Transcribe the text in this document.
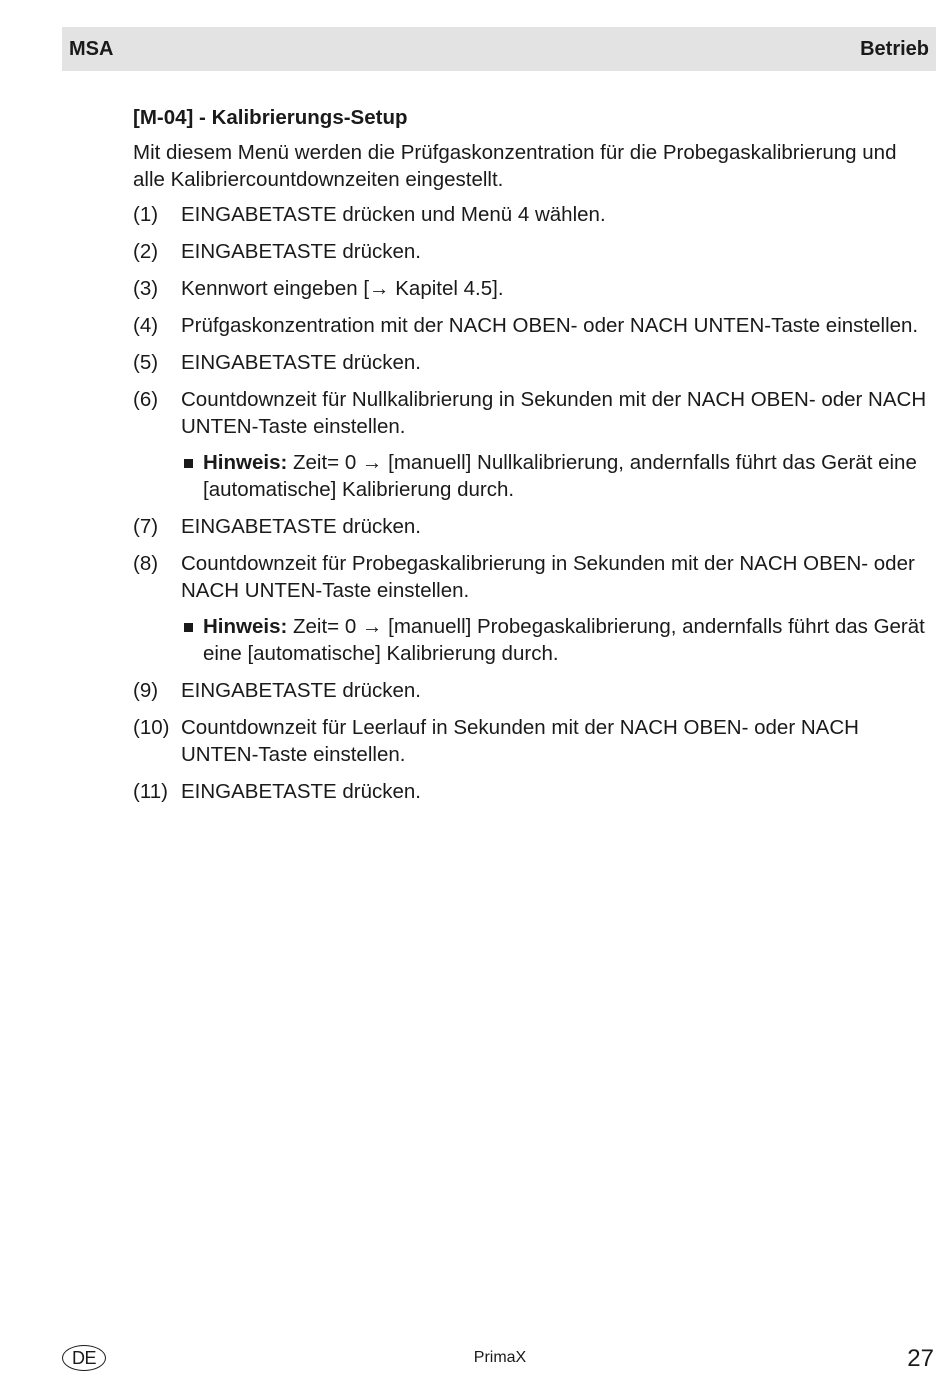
MSA	Betrieb
[M-04] - Kalibrierungs-Setup
Mit diesem Menü werden die Prüfgaskonzentration für die Probegaskalibrierung und alle Kalibriercountdownzeiten eingestellt.
(1) EINGABETASTE drücken und Menü 4 wählen.
(2) EINGABETASTE drücken.
(3) Kennwort eingeben [→ Kapitel 4.5].
(4) Prüfgaskonzentration mit der NACH OBEN- oder NACH UNTEN-Taste einstellen.
(5) EINGABETASTE drücken.
(6) Countdownzeit für Nullkalibrierung in Sekunden mit der NACH OBEN- oder NACH UNTEN-Taste einstellen.
Hinweis: Zeit= 0 → [manuell] Nullkalibrierung, andernfalls führt das Gerät eine [automatische] Kalibrierung durch.
(7) EINGABETASTE drücken.
(8) Countdownzeit für Probegaskalibrierung in Sekunden mit der NACH OBEN- oder NACH UNTEN-Taste einstellen.
Hinweis: Zeit= 0 → [manuell] Probegaskalibrierung, andernfalls führt das Gerät eine [automatische] Kalibrierung durch.
(9) EINGABETASTE drücken.
(10) Countdownzeit für Leerlauf in Sekunden mit der NACH OBEN- oder NACH UNTEN-Taste einstellen.
(11) EINGABETASTE drücken.
DE	PrimaX	27
